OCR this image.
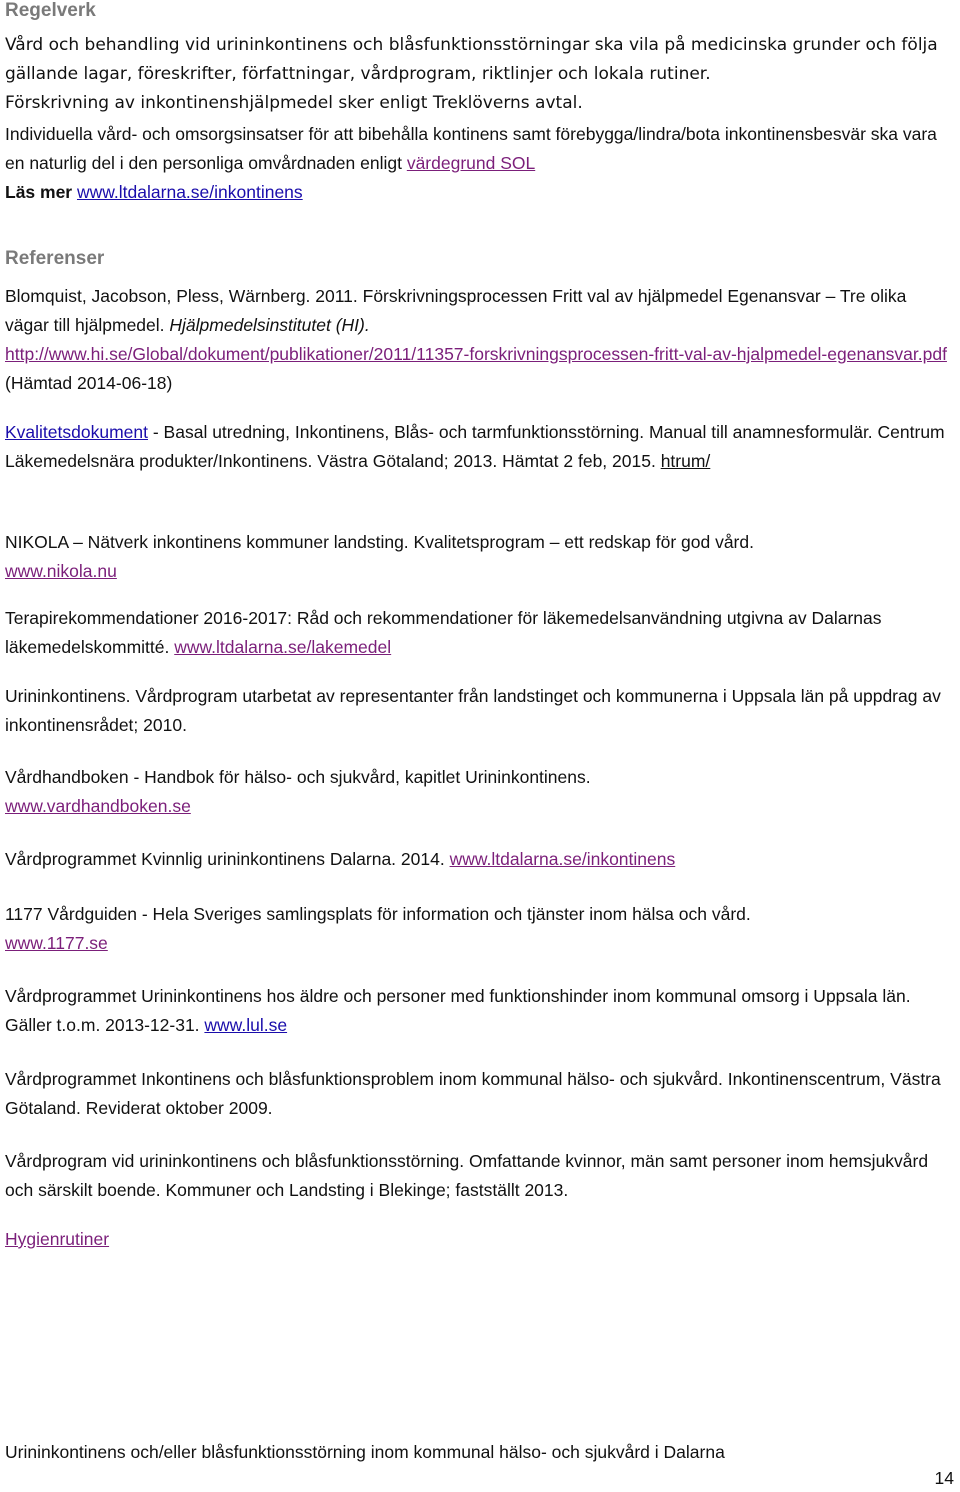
Regelverk

Vård och behandling vid urininkontinens och blåsfunktionsstörningar ska vila på medicinska grunder och följa gällande lagar, föreskrifter, författningar, vårdprogram, riktlinjer och lokala rutiner.
Förskrivning av inkontinenshjälpmedel sker enligt Treklöverns avtal.

Individuella vård- och omsorgsinsatser för att bibehålla kontinens samt förebygga/lindra/bota inkontinensbesvär ska vara en naturlig del i den personliga omvårdnaden enligt värdegrund SOL
Läs mer www.ltdalarna.se/inkontinens

Referenser

Blomquist, Jacobson, Pless, Wärnberg. 2011. Förskrivningsprocessen Fritt val av hjälpmedel Egenansvar – Tre olika vägar till hjälpmedel. Hjälpmedelsinstitutet (HI).
http://www.hi.se/Global/dokument/publikationer/2011/11357-forskrivningsprocessen-fritt-val-av-hjalpmedel-egenansvar.pdf (Hämtad 2014-06-18)

Kvalitetsdokument - Basal utredning, Inkontinens, Blås- och tarmfunktionsstörning. Manual till anamnesformulär. Centrum Läkemedelsnära produkter/Inkontinens. Västra Götaland; 2013. Hämtat 2 feb, 2015. htrum/

NIKOLA – Nätverk inkontinens kommuner landsting. Kvalitetsprogram – ett redskap för god vård.
www.nikola.nu

Terapirekommendationer 2016-2017: Råd och rekommendationer för läkemedelsanvändning utgivna av Dalarnas läkemedelskommitté. www.ltdalarna.se/lakemedel

Urininkontinens. Vårdprogram utarbetat av representanter från landstinget och kommunerna i Uppsala län på uppdrag av inkontinensrådet; 2010.

Vårdhandboken - Handbok för hälso- och sjukvård, kapitlet Urininkontinens.
www.vardhandboken.se

Vårdprogrammet Kvinnlig urininkontinens Dalarna. 2014. www.ltdalarna.se/inkontinens

1177 Vårdguiden - Hela Sveriges samlingsplats för information och tjänster inom hälsa och vård.
www.1177.se

Vårdprogrammet Urininkontinens hos äldre och personer med funktionshinder inom kommunal omsorg i Uppsala län. Gäller t.o.m. 2013-12-31. www.lul.se

Vårdprogrammet Inkontinens och blåsfunktionsproblem inom kommunal hälso- och sjukvård. Inkontinenscentrum, Västra Götaland. Reviderat oktober 2009.

Vårdprogram vid urininkontinens och blåsfunktionsstörning. Omfattande kvinnor, män samt personer inom hemsjukvård och särskilt boende. Kommuner och Landsting i Blekinge; fastställt 2013.

Hygienrutiner

Urininkontinens och/eller blåsfunktionsstörning inom kommunal hälso- och sjukvård i Dalarna
14
